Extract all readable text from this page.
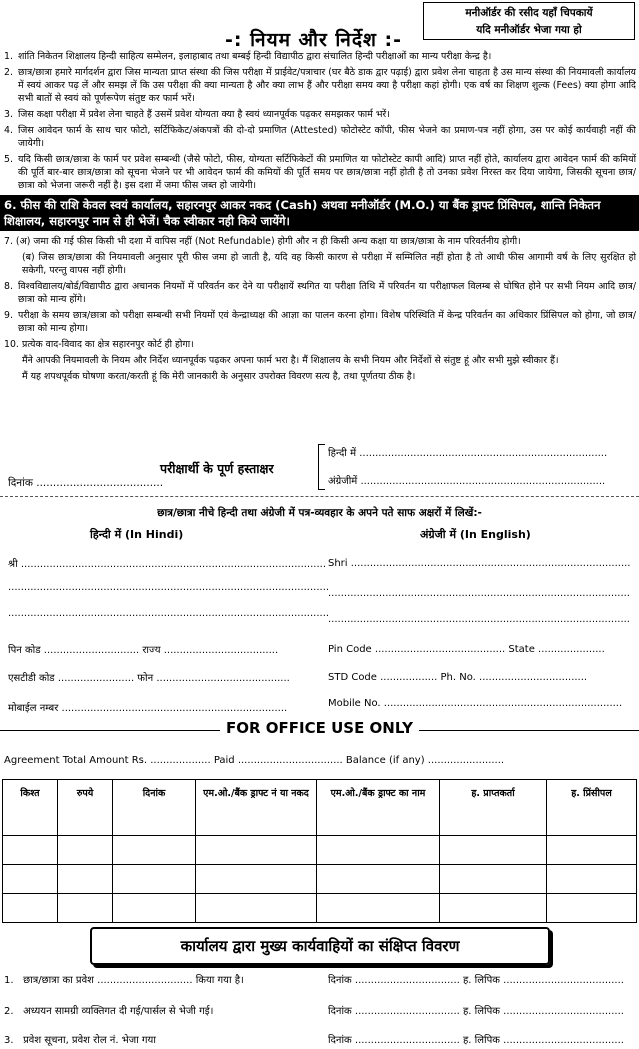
मनीऑर्डर की रसीद यहाँ चिपकायें
यदि मनीऑर्डर भेजा गया हो
-: नियम और निर्देश :-
1. शांति निकेतन शिक्षालय हिन्दी साहित्य सम्मेलन, इलाहाबाद तथा बम्बई हिन्दी विद्यापीठ द्वारा संचालित हिन्दी परीक्षाओं का मान्य परीक्षा केन्द्र है।
2. छात्र/छात्रा हमारे मार्गदर्शन द्वारा जिस मान्यता प्राप्त संस्था की जिस परीक्षा में प्राईवेट/पत्राचार (घर बैठे डाक द्वार पढ़ाई) द्वारा प्रवेश लेना चाहता है उस मान्य संस्था की नियमावली कार्यालय में स्वयं आकर पढ़ लें और समझ लें कि उस परीक्षा की क्या मान्यता है और क्या लाभ हैं और परीक्षा समय क्या है परीक्षा कहां होगी। एक वर्ष का शिक्षण शुल्क (Fees) क्या होगा आदि सभी बातों से स्वयं को पूर्णरूपेण संतुष्ट कर फार्म भरें।
3. जिस कक्षा परीक्षा में प्रवेश लेना चाहते हैं उसमें प्रवेश योग्यता क्या है स्वयं ध्यानपूर्वक पढ़कर समझकर फार्म भरें।
4. जिस आवेदन फार्म के साथ चार फोटो, सर्टिफिकेट/अंकपत्रों की दो-दो प्रमाणित (Attested) फोटोस्टेट कॉपी, फीस भेजने का प्रमाण-पत्र नहीं होगा, उस पर कोई कार्यवाही नहीं की जायेगी।
5. यदि किसी छात्र/छात्रा के फार्म पर प्रवेश सम्बन्धी (जैसे फोटो, फीस, योग्यता सर्टिफिकेटों की प्रमाणित या फोटोस्टेट कापी आदि) प्राप्त नहीं होते, कार्यालय द्वारा आवेदन फार्म की कमियों की पूर्ति बार-बार छात्र/छात्रा को सूचना भेजने पर भी आवेदन फार्म की कमियों की पूर्ति समय पर छात्र/छात्रा नहीं होती है तो उनका प्रवेश निरस्त कर दिया जायेगा, जिसकी सूचना छात्र/छात्रा को भेजना जरूरी नहीं है। इस दशा में जमा फीस जब्त हो जायेगी।
6. फीस की राशि केवल स्वयं कार्यालय, सहारनपुर आकर नकद (Cash) अथवा मनीऑर्डर (M.O.) या बैंक ड्राफ्ट प्रिंसिपल, शान्ति निकेतन शिक्षालय, सहारनपुर नाम से ही भेजें। चैक स्वीकार नही किये जायेंगे।
7. (अ) जमा की गई फीस किसी भी दशा में वापिस नहीं (Not Refundable) होगी और न ही किसी अन्य कक्षा या छात्र/छात्रा के नाम परिवर्तनीय होगी।
(ब) जिस छात्र/छात्रा की नियमावली अनुसार पूरी फीस जमा हो जाती है, यदि वह किसी कारण से परीक्षा में सम्मिलित नहीं होता है तो आधी फीस आगामी वर्ष के लिए सुरक्षित हो सकेगी, परन्तु वापस नहीं होगी।
8. विश्वविद्यालय/बोर्ड/विद्यापीठ द्वारा अचानक नियमों में परिवर्तन कर देने या परीक्षायें स्थगित या परीक्षा तिथि में परिवर्तन या परीक्षाफल विलम्ब से घोषित होने पर सभी नियम आदि छात्र/छात्रा को मान्य होंगे।
9. परीक्षा के समय छात्र/छात्रा को परीक्षा सम्बन्धी सभी नियमों एवं केन्द्राध्यक्ष की आज्ञा का पालन करना होगा। विशेष परिस्थिति में केन्द्र परिवर्तन का अधिकार प्रिंसिपल को होगा, जो छात्र/छात्रा को मान्य होगा।
10. प्रत्येक वाद-विवाद का क्षेत्र सहारनपुर कोर्ट ही होगा।
मैंने आपकी नियमावली के नियम और निर्देश ध्यानपूर्वक पढ़कर अपना फार्म भरा है। मैं शिक्षालय के सभी नियम और निर्देशों से संतुष्ट हूं और सभी मुझे स्वीकार हैं।
मैं यह शपथपूर्वक घोषणा करता/करती हूं कि मेरी जानकारी के अनुसार उपरोक्त विवरण सत्य है, तथा पूर्णतया ठीक है।
परीक्षार्थी के पूर्ण हस्ताक्षर
हिन्दी में ..............................................................................
अंग्रेजीमें .............................................................................
दिनांक ......................................
छात्र/छात्रा नीचे हिन्दी तथा अंग्रेजी में पत्र-व्यवहार के अपने पते साफ अक्षरों में लिखें:-
हिन्दी में (In Hindi)	अंग्रेजी में (In English)
श्री ................................................................................................
.....................................................................................................
.....................................................................................................
पिन कोड .............................. राज्य ....................................
एसटीडी कोड ........................ फोन ..........................................
मोबाईल नम्बर .......................................................................
Shri ........................................................................................
...............................................................................................
...............................................................................................
Pin Code ......................................... State .....................
STD Code .................. Ph. No. ..................................
Mobile No. ...........................................................................
FOR OFFICE USE ONLY
Agreement Total Amount Rs. ................... Paid ................................. Balance (if any) ........................
किश्त	रुपये	दिनांक	एम.ओ./बैंक ड्राफ्ट नं या नकद	एम.ओ./बैंक ड्राफ्ट का नाम	ह. प्राप्तकर्ता	ह. प्रिंसीपल

कार्यालय द्वारा मुख्य कार्यवाहियों का संक्षिप्त विवरण
1. छात्र/छात्रा का प्रवेश .............................. किया गया है।	दिनांक ................................. ह. लिपिक ......................................
2. अध्ययन सामग्री व्यक्तिगत दी गई/पार्सल से भेजी गई।	दिनांक ................................. ह. लिपिक ......................................
3. प्रवेश सूचना, प्रवेश रोल नं. भेजा गया	दिनांक ................................. ह. लिपिक ......................................
